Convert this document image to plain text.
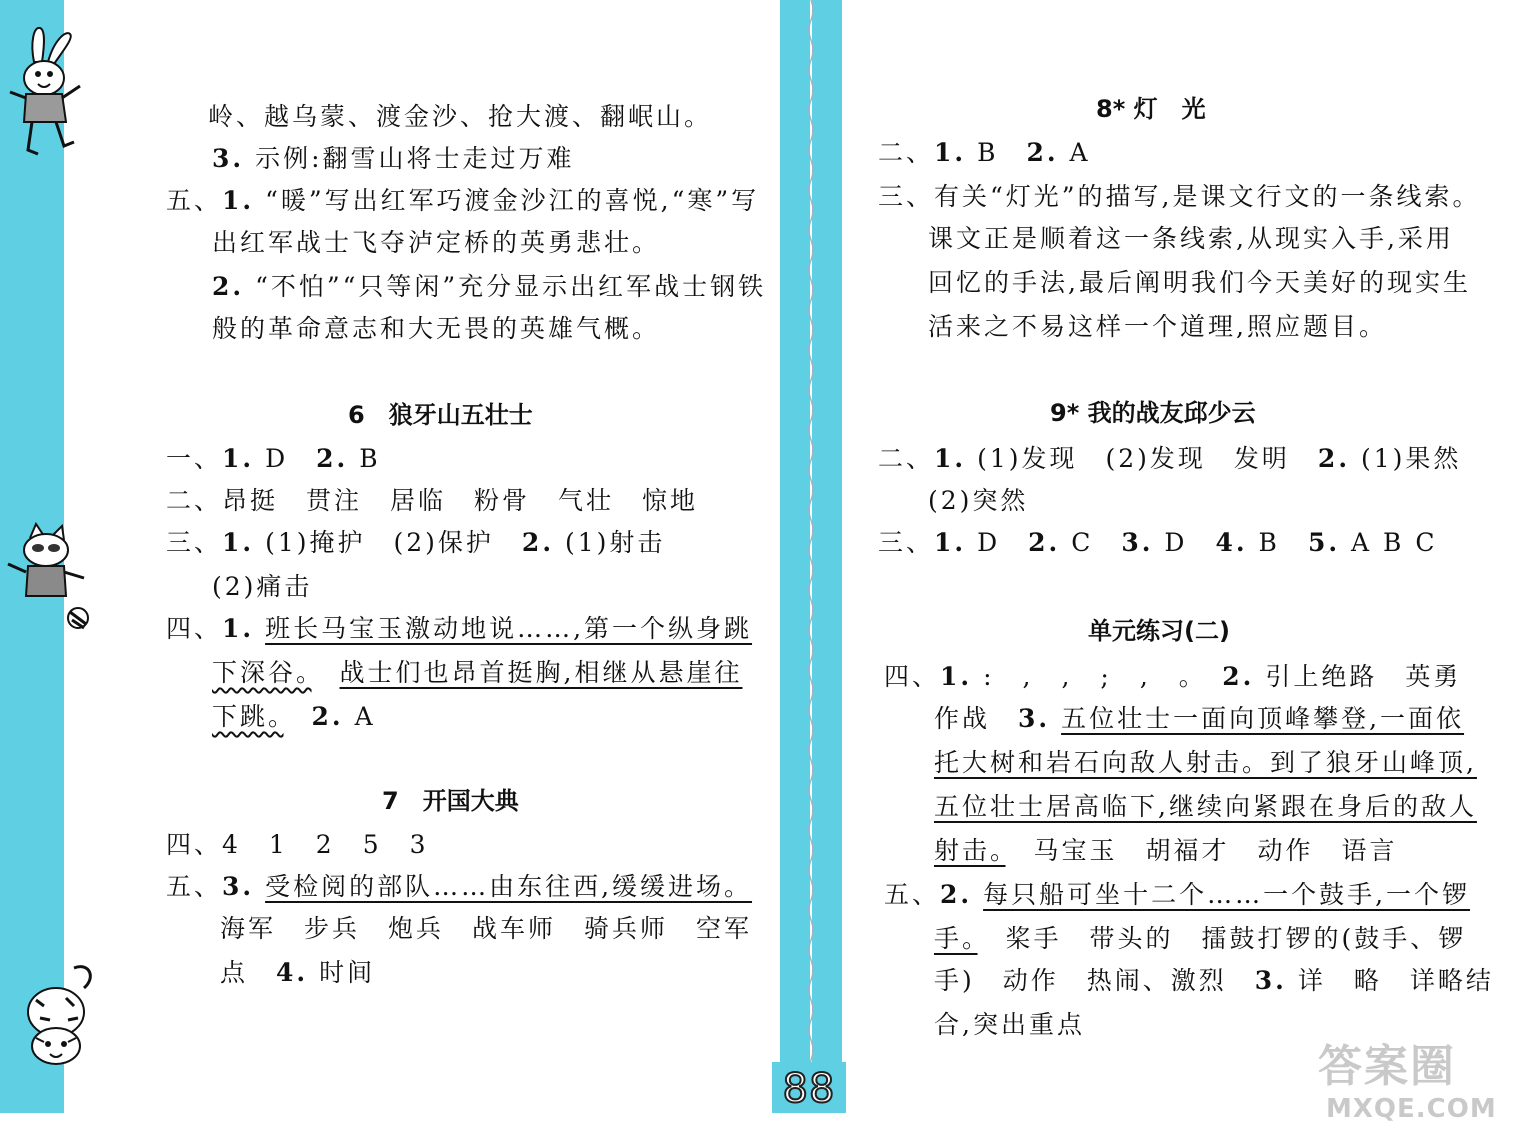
岭、越乌蒙、渡金沙、抢大渡、翻岷山。
3. 示例:翻雪山将士走过万难
五、1. “暖”写出红军巧渡金沙江的喜悦,“寒”写
出红军战士飞夺泸定桥的英勇悲壮。
2. “不怕”“只等闲”充分显示出红军战士钢铁
般的革命意志和大无畏的英雄气概。
6　狼牙山五壮士
一、1. D　 2. B
二、昂挺　贯注　居临　粉骨　气壮　惊地
三、1. (1)掩护　(2)保护　 2. (1)射击
(2)痛击
四、1. 班长马宝玉激动地说……,第一个纵身跳
下深谷。　 战士们也昂首挺胸,相继从悬崖往
下跳。　 2. A
7　开国大典
四、4　1　2　5　3
五、3. 受检阅的部队……由东往西,缓缓进场。
海军　步兵　炮兵　战车师　骑兵师　空军
点　 4. 时间
8* 灯　光
二、1. B　 2. A
三、有关“灯光”的描写,是课文行文的一条线索。
课文正是顺着这一条线索,从现实入手,采用
回忆的手法,最后阐明我们今天美好的现实生
活来之不易这样一个道理,照应题目。
9* 我的战友邱少云
二、1. (1)发现　(2)发现　发明　 2. (1)果然
(2)突然
三、1. D　 2. C　 3. D　 4. B　 5. A B C
单元练习(二)
四、1. :　,　,　;　,　。　 2. 引上绝路　英勇
作战　 3. 五位壮士一面向顶峰攀登,一面依
托大树和岩石向敌人射击。到了狼牙山峰顶,
五位壮士居高临下,继续向紧跟在身后的敌人
射击。　 马宝玉　胡福才　动作　语言
五、2. 每只船可坐十二个……一个鼓手,一个锣
手。　 桨手　带头的　擂鼓打锣的(鼓手、锣
手)　动作　热闹、激烈　 3. 详　略　详略结
合,突出重点
88	答案圈
MXQE.COM
